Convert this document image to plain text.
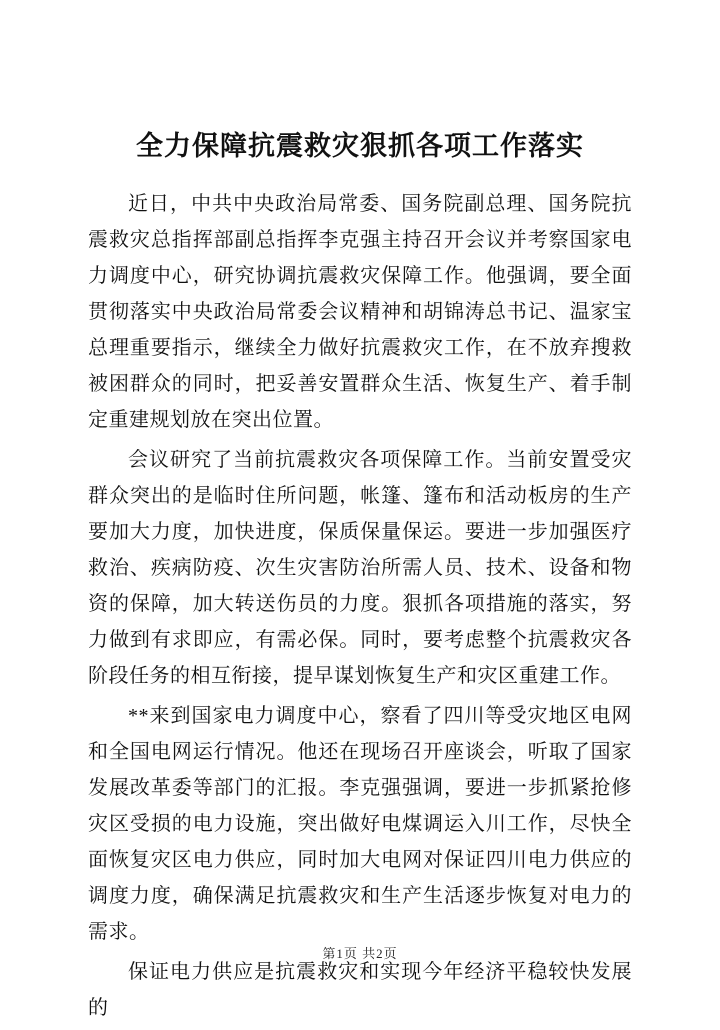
全力保障抗震救灾狠抓各项工作落实

近日，中共中央政治局常委、国务院副总理、国务院抗震救灾总指挥部副总指挥李克强主持召开会议并考察国家电力调度中心，研究协调抗震救灾保障工作。他强调，要全面贯彻落实中央政治局常委会议精神和胡锦涛总书记、温家宝总理重要指示，继续全力做好抗震救灾工作，在不放弃搜救被困群众的同时，把妥善安置群众生活、恢复生产、着手制定重建规划放在突出位置。

会议研究了当前抗震救灾各项保障工作。当前安置受灾群众突出的是临时住所问题，帐篷、篷布和活动板房的生产要加大力度，加快进度，保质保量保运。要进一步加强医疗救治、疾病防疫、次生灾害防治所需人员、技术、设备和物资的保障，加大转送伤员的力度。狠抓各项措施的落实，努力做到有求即应，有需必保。同时，要考虑整个抗震救灾各阶段任务的相互衔接，提早谋划恢复生产和灾区重建工作。

**来到国家电力调度中心，察看了四川等受灾地区电网和全国电网运行情况。他还在现场召开座谈会，听取了国家发展改革委等部门的汇报。李克强强调，要进一步抓紧抢修灾区受损的电力设施，突出做好电煤调运入川工作，尽快全面恢复灾区电力供应，同时加大电网对保证四川电力供应的调度力度，确保满足抗震救灾和生产生活逐步恢复对电力的需求。

保证电力供应是抗震救灾和实现今年经济平稳较快发展的

第1页 共2页
